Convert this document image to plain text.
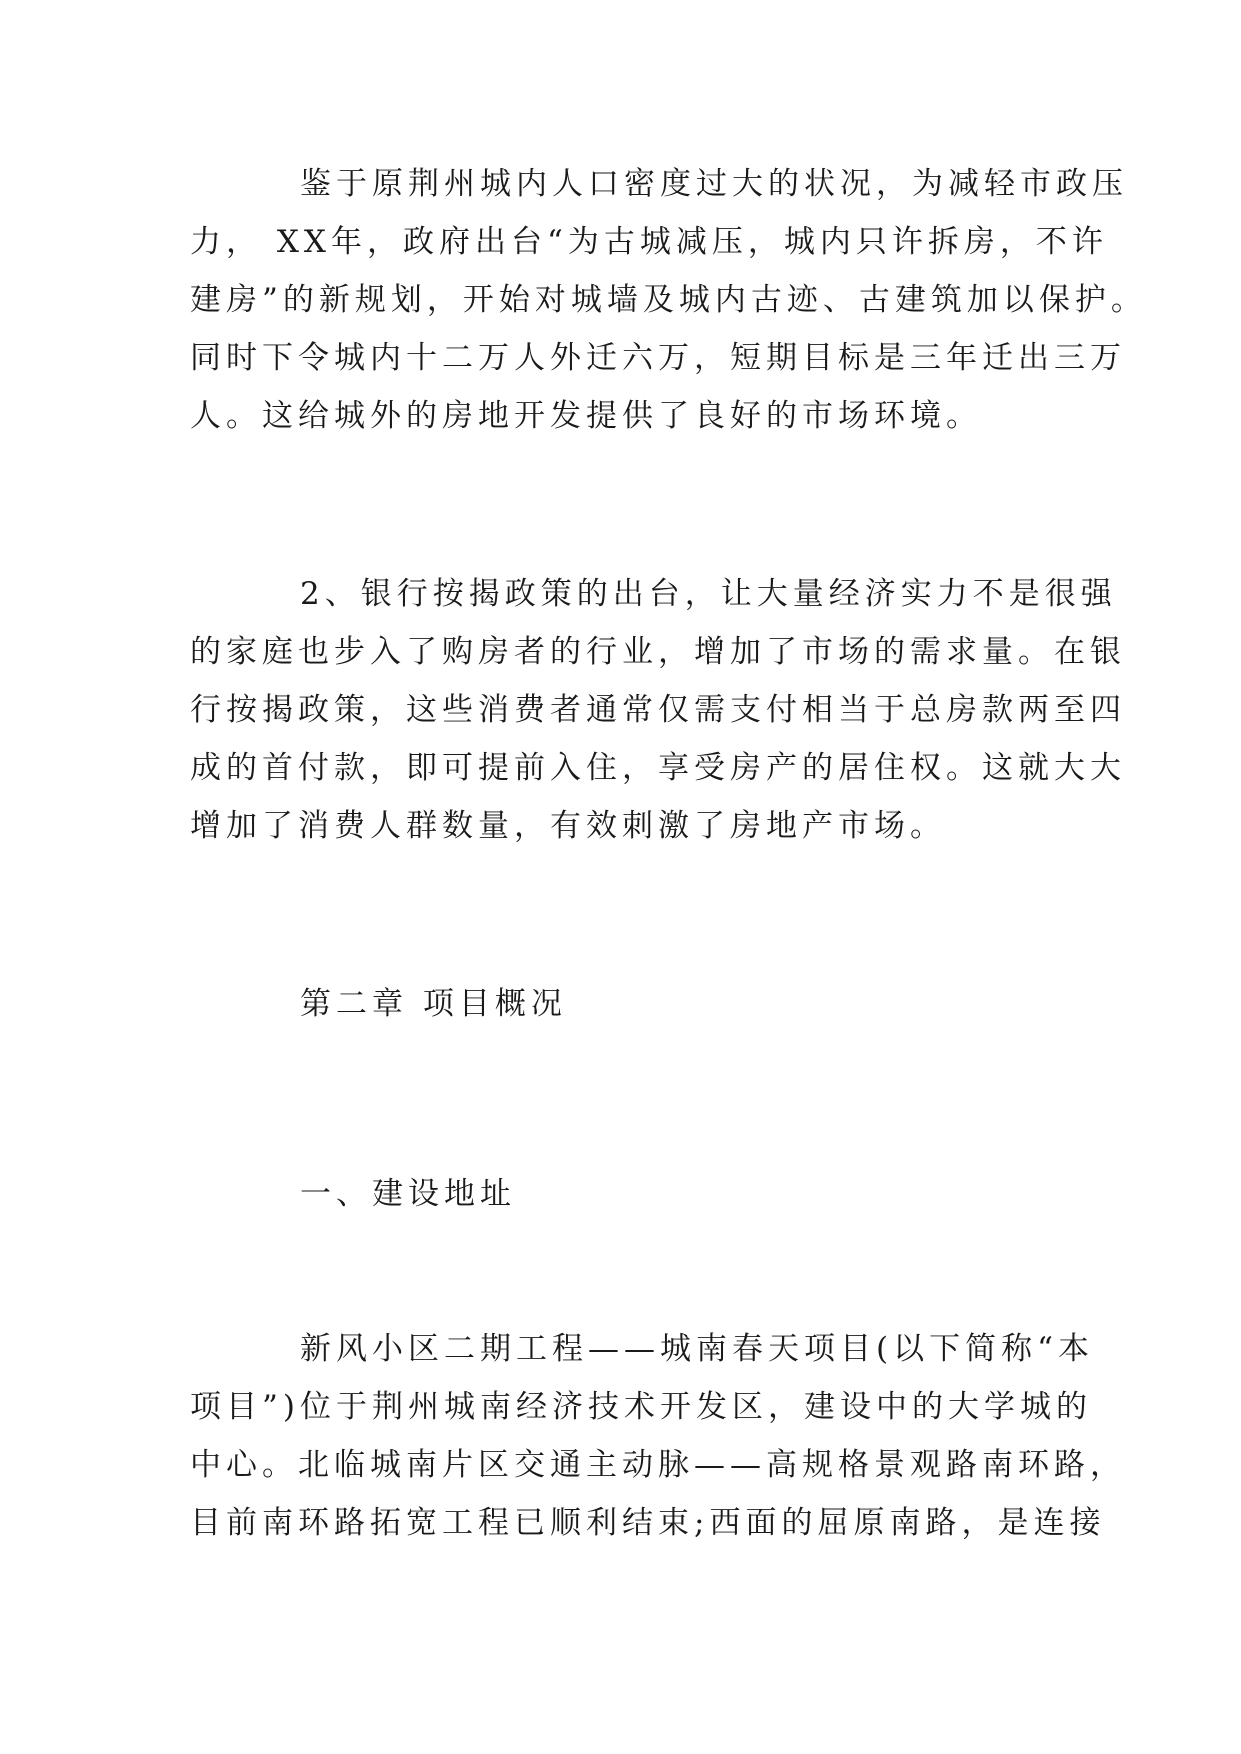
鉴于原荆州城内人口密度过大的状况，为减轻市政压
力， XX年，政府出台“为古城减压，城内只许拆房，不许
建房”的新规划，开始对城墙及城内古迹、古建筑加以保护。
同时下令城内十二万人外迁六万，短期目标是三年迁出三万
人。这给城外的房地开发提供了良好的市场环境。
2、银行按揭政策的出台，让大量经济实力不是很强
的家庭也步入了购房者的行业，增加了市场的需求量。在银
行按揭政策，这些消费者通常仅需支付相当于总房款两至四
成的首付款，即可提前入住，享受房产的居住权。这就大大
增加了消费人群数量，有效刺激了房地产市场。
第二章 项目概况
一、建设地址
新风小区二期工程——城南春天项目(以下简称“本
项目”)位于荆州城南经济技术开发区，建设中的大学城的
中心。北临城南片区交通主动脉——高规格景观路南环路，
目前南环路拓宽工程已顺利结束;西面的屈原南路，是连接
